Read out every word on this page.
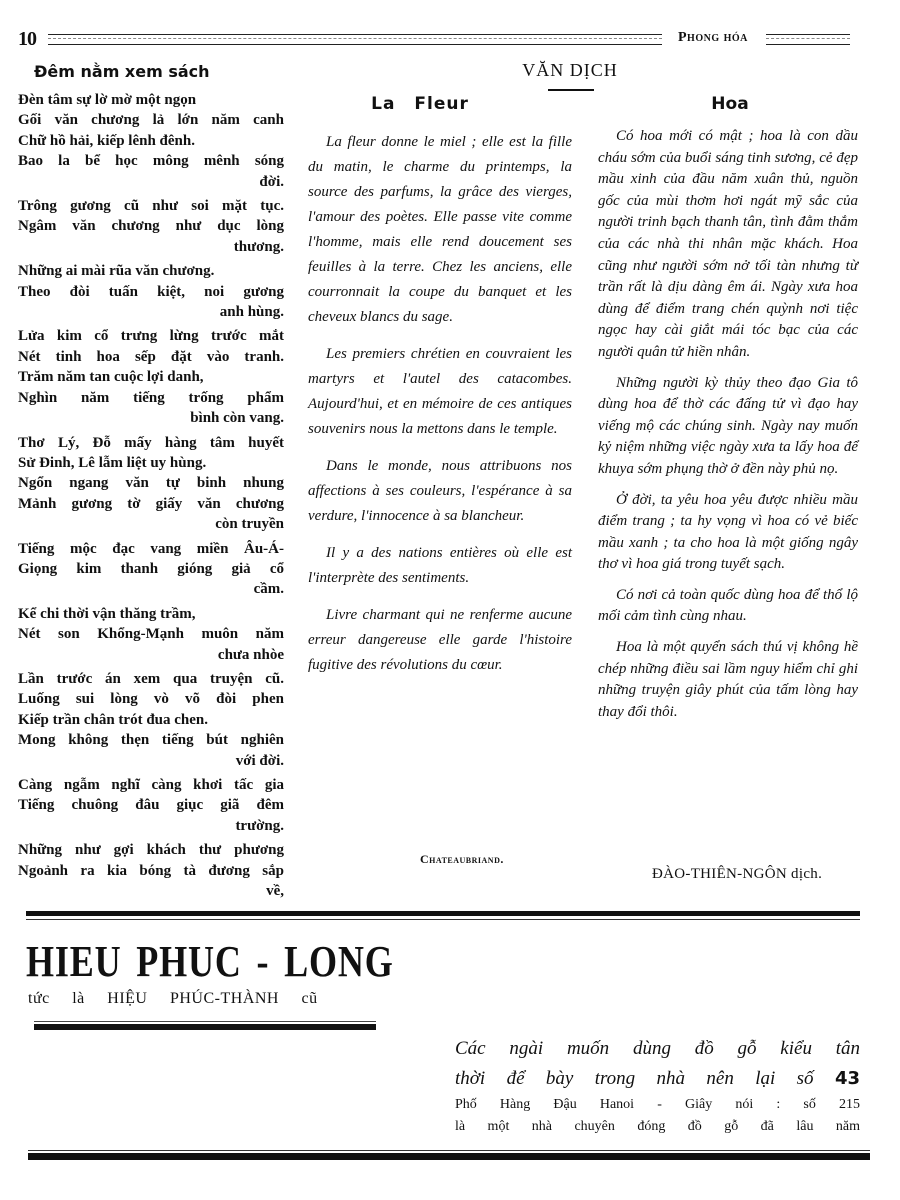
10	Phong hóa
Đêm nằm xem sách
Đèn tâm sự lờ mờ một ngọn
Gối văn chương lả lớn năm canh
Chữ hồ hải, kiếp lênh đênh.
Bao la bể học mông mênh sóng
đời.
Trông gương cũ như soi mặt tục.
Ngâm văn chương như dục lòng
thương.
Những ai mài rũa văn chương.
Theo đòi tuấn kiệt, noi gương
anh hùng.
Lửa kim cổ trưng lừng trước mắt
Nét tinh hoa sếp đặt vào tranh.
Trăm năm tan cuộc lợi danh,
Nghìn năm tiếng trống phẩm
bình còn vang.
Thơ Lý, Đỗ mấy hàng tâm huyết
Sử Đinh, Lê lẫm liệt uy hùng.
Ngổn ngang văn tự binh nhung
Mảnh gương tờ giấy văn chương
còn truyền
Tiếng mộc đạc vang miền Âu-Á-
Giọng kim thanh gióng giả cổ
cầm.
Kể chi thời vận thăng trầm,
Nét son Khổng-Mạnh muôn năm
chưa nhòe
Lần trước án xem qua truyện cũ.
Luống sui lòng vò võ đòi phen
Kiếp trần chân trót đua chen.
Mong không thẹn tiếng bút nghiên
với đời.
Càng ngẫm nghĩ càng khơi tấc gia
Tiếng chuông đâu giục giã đêm
trường.
Những như gợi khách thư phương
Ngoảnh ra kia bóng tà đương sắp
về,
VĂN DỊCH
La Fleur

La fleur donne le miel ; elle est la fille du matin, le charme du printemps, la source des parfums, la grâce des vierges, l'amour des poètes. Elle passe vite comme l'homme, mais elle rend doucement ses feuilles à la terre. Chez les anciens, elle courronnait la coupe du banquet et les cheveux blancs du sage.

Les premiers chrétien en couvraient les martyrs et l'autel des catacombes. Aujourd'hui, et en mémoire de ces antiques souvenirs nous la mettons dans le temple.

Dans le monde, nous attribuons nos affections à ses couleurs, l'espérance à sa verdure, l'innocence à sa blancheur.

Il y a des nations entières où elle est l'interprète des sentiments.

Livre charmant qui ne renferme aucune erreur dangereuse elle garde l'histoire fugitive des révolutions du cœur.

Chateaubriand.
Hoa

Có hoa mới có mật ; hoa là con dầu cháu sớm của buổi sáng tinh sương, cẻ đẹp mầu xinh của đầu năm xuân thủ, nguồn gốc của mùi thơm hơi ngát mỹ sắc của người trinh bạch thanh tân, tình đằm thắm của các nhà thi nhân mặc khách. Hoa cũng như người sớm nở tối tàn nhưng từ trần rất là dịu dàng êm ái. Ngày xưa hoa dùng để điểm trang chén quỳnh nơi tiệc ngọc hay cài giắt mái tóc bạc của các người quân tử hiền nhân.

Những người kỳ thủy theo đạo Gia tô dùng hoa để thờ các đấng tử vì đạo hay viếng mộ các chúng sinh. Ngày nay muốn kỷ niệm những việc ngày xưa ta lấy hoa để khuya sớm phụng thờ ở đền này phủ nọ.

Ở đời, ta yêu hoa yêu được nhiều mầu điểm trang ; ta hy vọng vì hoa có vẻ biếc mầu xanh ; ta cho hoa là một giống ngây thơ vì hoa giá trong tuyết sạch.

Có nơi cả toàn quốc dùng hoa để thổ lộ mối cảm tình cùng nhau.

Hoa là một quyển sách thú vị không hề chép những điều sai lầm nguy hiểm chỉ ghi những truyện giây phút của tấm lòng hay thay đổi thôi.

ĐÀO-THIÊN-NGÔN dịch.
HIEU PHUC - LONG
tức là HIỆU PHÚC-THÀNH cũ
Các ngài muốn dùng đồ gỗ kiểu tân
thời để bày trong nhà nên lại số 43
Phố Hàng Đậu Hanoi - Giây nói : số 215
là một nhà chuyên đóng đồ gỗ đã lâu năm
